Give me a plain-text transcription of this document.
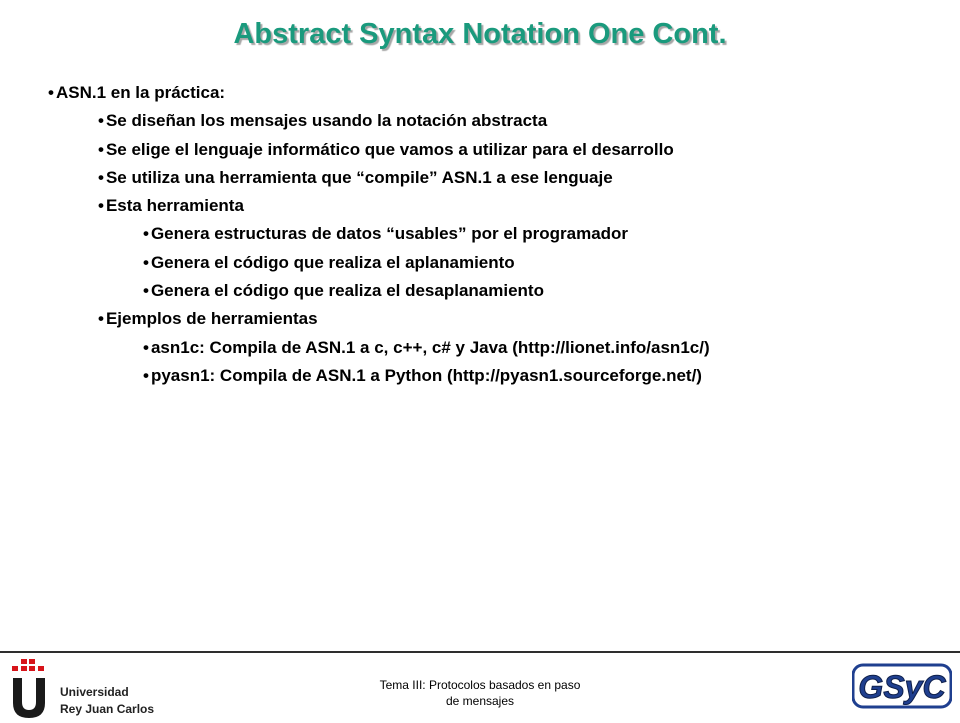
Abstract Syntax Notation One Cont.
• ASN.1 en la práctica:
• Se diseñan los mensajes usando la notación abstracta
• Se elige el lenguaje informático que vamos a utilizar para el desarrollo
• Se utiliza una herramienta que “compile” ASN.1 a ese lenguaje
• Esta herramienta
• Genera estructuras de datos “usables” por el programador
• Genera el código que realiza el aplanamiento
• Genera el código que realiza el desaplanamiento
• Ejemplos de herramientas
• asn1c: Compila de ASN.1 a c, c++, c# y Java (http://lionet.info/asn1c/)
• pyasn1: Compila de ASN.1 a Python (http://pyasn1.sourceforge.net/)
Universidad
Rey Juan Carlos
Tema III: Protocolos basados en paso
de mensajes	GSyC
